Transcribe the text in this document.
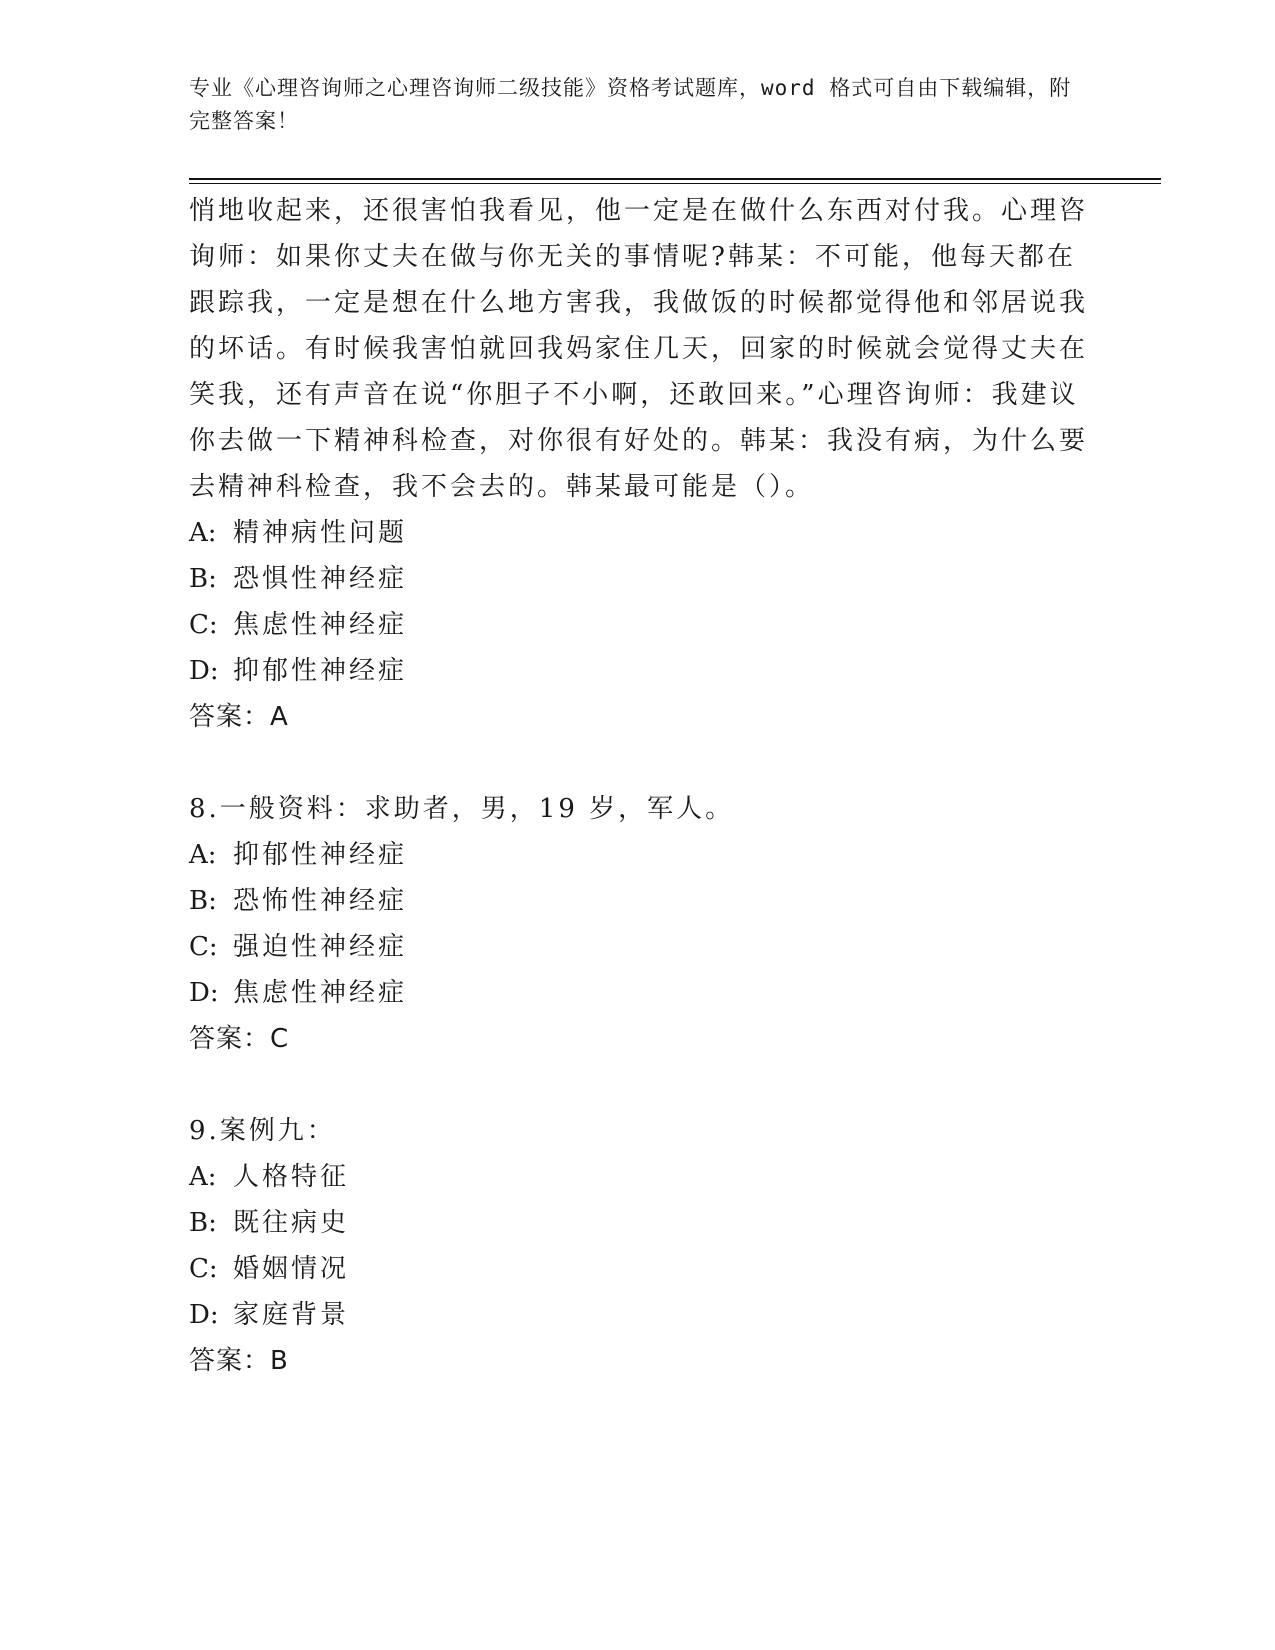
专业《心理咨询师之心理咨询师二级技能》资格考试题库，word 格式可自由下载编辑，附完整答案！

悄地收起来，还很害怕我看见，他一定是在做什么东西对付我。心理咨询师：如果你丈夫在做与你无关的事情呢?韩某：不可能，他每天都在跟踪我，一定是想在什么地方害我，我做饭的时候都觉得他和邻居说我的坏话。有时候我害怕就回我妈家住几天，回家的时候就会觉得丈夫在笑我，还有声音在说“你胆子不小啊，还敢回来。”心理咨询师：我建议你去做一下精神科检查，对你很有好处的。韩某：我没有病，为什么要去精神科检查，我不会去的。韩某最可能是（）。

A: 精神病性问题

B: 恐惧性神经症

C: 焦虑性神经症

D: 抑郁性神经症

答案：A

8.一般资料：求助者，男，19 岁，军人。

A: 抑郁性神经症

B: 恐怖性神经症

C: 强迫性神经症

D: 焦虑性神经症

答案：C

9.案例九：

A: 人格特征

B: 既往病史

C: 婚姻情况

D: 家庭背景

答案：B
